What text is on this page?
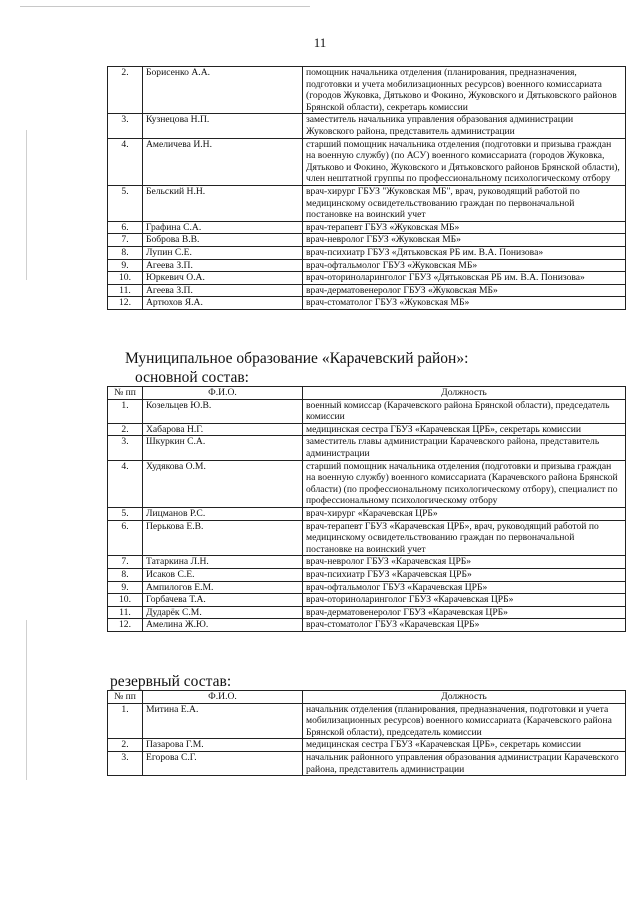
11
2.	Борисенко А.А.	помощник начальника отделения (планирования, предназначения, подготовки и учета мобилизационных ресурсов) военного комиссариата (городов Жуковка, Дятьково и Фокино, Жуковского и Дятьковского районов Брянской области), секретарь комиссии
3.	Кузнецова Н.П.	заместитель начальника управления образования администрации Жуковского района, представитель администрации
4.	Амеличева И.Н.	старший помощник начальника отделения (подготовки и призыва граждан на военную службу) (по АСУ) военного комиссариата (городов Жуковка, Дятьково и Фокино, Жуковского и Дятьковского районов Брянской области), член нештатной группы по профессиональному психологическому отбору
5.	Бельский Н.Н.	врач-хирург ГБУЗ "Жуковская МБ", врач, руководящий работой по медицинскому освидетельствованию граждан по первоначальной постановке на воинский учет
6.	Графина С.А.	врач-терапевт ГБУЗ «Жуковская МБ»
7.	Боброва В.В.	врач-невролог ГБУЗ «Жуковская МБ»
8.	Лупин С.Е.	врач-психиатр ГБУЗ «Дятьковская РБ им. В.А. Понизова»
9.	Агеева З.П.	врач-офтальмолог ГБУЗ «Жуковская МБ»
10.	Юркевич О.А.	врач-оториноларинголог ГБУЗ «Дятьковская РБ им. В.А. Понизова»
11.	Агеева З.П.	врач-дерматовенеролог ГБУЗ «Жуковская МБ»
12.	Артюхов Я.А.	врач-стоматолог ГБУЗ «Жуковская МБ»
Муниципальное образование «Карачевский район»:
основной состав:
№ пп	Ф.И.О.	Должность
1.	Козельцев Ю.В.	военный комиссар (Карачевского района Брянской области), председатель комиссии
2.	Хабарова Н.Г.	медицинская сестра ГБУЗ «Карачевская ЦРБ», секретарь комиссии
3.	Шкуркин С.А.	заместитель главы администрации Карачевского района, представитель администрации
4.	Худякова О.М.	старший помощник начальника отделения (подготовки и призыва граждан на военную службу) военного комиссариата (Карачевского района Брянской области) (по профессиональному психологическому отбору), специалист по профессиональному психологическому отбору
5.	Лицманов Р.С.	врач-хирург «Карачевская ЦРБ»
6.	Перькова Е.В.	врач-терапевт ГБУЗ «Карачевская ЦРБ», врач, руководящий работой по медицинскому освидетельствованию граждан по первоначальной постановке на воинский учет
7.	Татаркина Л.Н.	врач-невролог ГБУЗ «Карачевская ЦРБ»
8.	Исаков С.Е.	врач-психиатр ГБУЗ «Карачевская ЦРБ»
9.	Ампилогов Е.М.	врач-офтальмолог ГБУЗ «Карачевская ЦРБ»
10.	Горбачева Т.А.	врач-оториноларинголог ГБУЗ «Карачевская ЦРБ»
11.	Дударёк С.М.	врач-дерматовенеролог ГБУЗ «Карачевская ЦРБ»
12.	Амелина Ж.Ю.	врач-стоматолог ГБУЗ «Карачевская ЦРБ»
резервный состав:
№ пп	Ф.И.О.	Должность
1.	Митина Е.А.	начальник отделения (планирования, предназначения, подготовки и учета мобилизационных ресурсов) военного комиссариата (Карачевского района Брянской области), председатель комиссии
2.	Пазарова Г.М.	медицинская сестра ГБУЗ «Карачевская ЦРБ», секретарь комиссии
3.	Егорова С.Г.	начальник районного управления образования администрации Карачевского района, представитель администрации
